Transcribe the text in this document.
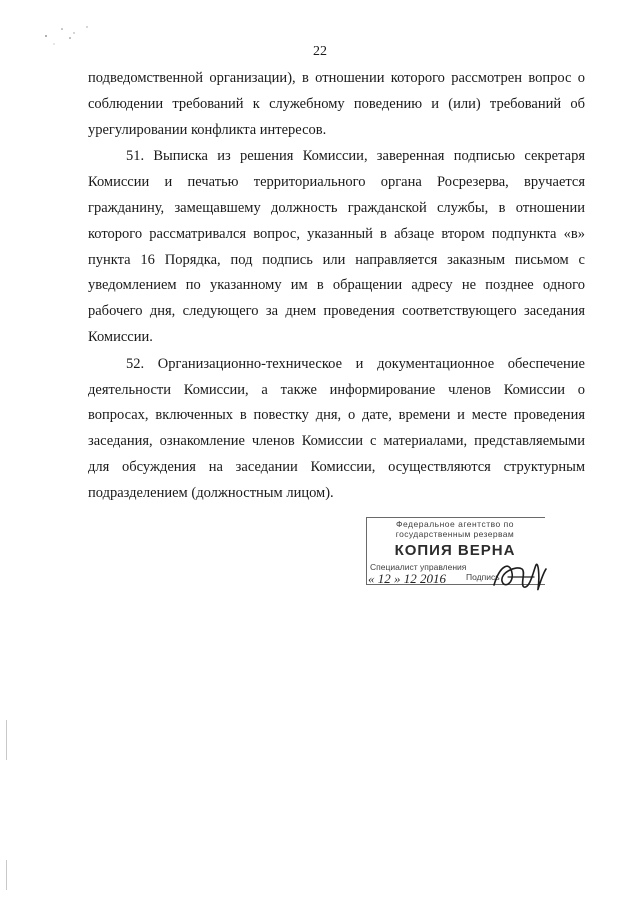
22

подведомственной организации), в отношении которого рассмотрен вопрос о соблюдении требований к служебному поведению и (или) требований об урегулировании конфликта интересов.

51. Выписка из решения Комиссии, заверенная подписью секретаря Комиссии и печатью территориального органа Росрезерва, вручается гражданину, замещавшему должность гражданской службы, в отношении которого рассматривался вопрос, указанный в абзаце втором подпункта «в» пункта 16 Порядка, под подпись или направляется заказным письмом с уведомлением по указанному им в обращении адресу не позднее одного рабочего дня, следующего за днем проведения соответствующего заседания Комиссии.

52. Организационно-техническое и документационное обеспечение деятельности Комиссии, а также информирование членов Комиссии о вопросах, включенных в повестку дня, о дате, времени и месте проведения заседания, ознакомление членов Комиссии с материалами, представляемыми для обсуждения на заседании Комиссии, осуществляются структурным подразделением (должностным лицом).

Федеральное агентство по
государственным резервам
КОПИЯ ВЕРНА
Специалист управления
« 12 » 12 2016 Подпись
